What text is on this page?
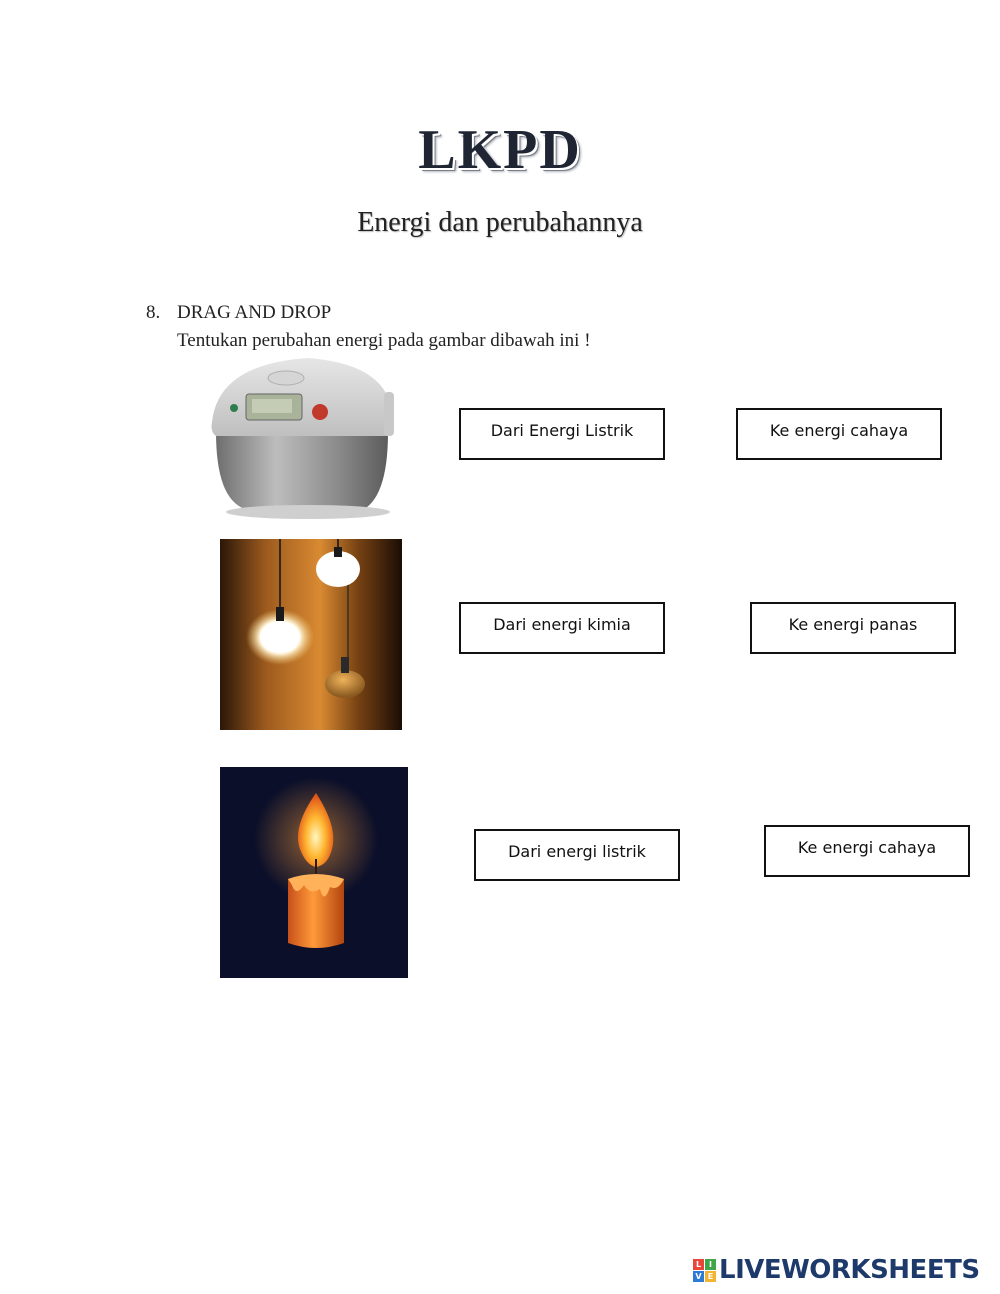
LKPD
Energi dan perubahannya
8. DRAG AND DROP
Tentukan perubahan energi pada gambar dibawah ini !
Dari Energi Listrik	Ke energi cahaya
Dari energi kimia	Ke energi panas
Dari energi listrik	Ke energi cahaya
L I
V E LIVEWORKSHEETS
